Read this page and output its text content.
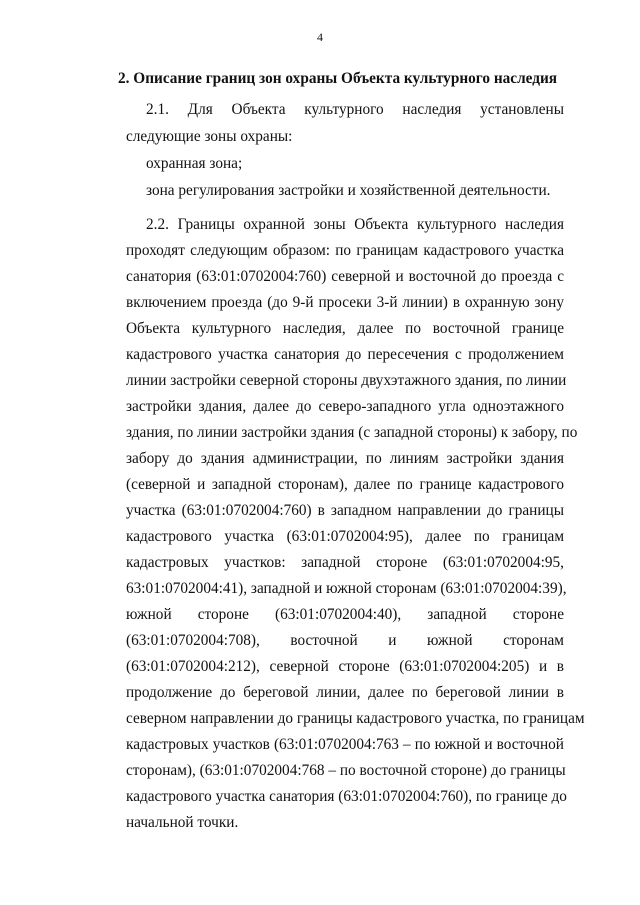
4
2. Описание границ зон охраны Объекта культурного наследия
2.1. Для Объекта культурного наследия установлены
следующие зоны охраны:
охранная зона;
зона регулирования застройки и хозяйственной деятельности.
2.2. Границы охранной зоны Объекта культурного наследия
проходят следующим образом: по границам кадастрового участка
санатория (63:01:0702004:760) северной и восточной до проезда с
включением проезда (до 9-й просеки 3-й линии) в охранную зону
Объекта культурного наследия, далее по восточной границе
кадастрового участка санатория до пересечения с продолжением
линии застройки северной стороны двухэтажного здания, по линии
застройки здания, далее до северо-западного угла одноэтажного
здания, по линии застройки здания (с западной стороны) к забору, по
забору до здания администрации, по линиям застройки здания
(северной и западной сторонам), далее по границе кадастрового
участка (63:01:0702004:760) в западном направлении до границы
кадастрового участка (63:01:0702004:95), далее по границам
кадастровых участков: западной стороне (63:01:0702004:95,
63:01:0702004:41), западной и южной сторонам (63:01:0702004:39),
южной стороне (63:01:0702004:40), западной стороне
(63:01:0702004:708), восточной и южной сторонам
(63:01:0702004:212), северной стороне (63:01:0702004:205) и в
продолжение до береговой линии, далее по береговой линии в
северном направлении до границы кадастрового участка, по границам
кадастровых участков (63:01:0702004:763 – по южной и восточной
сторонам), (63:01:0702004:768 – по восточной стороне) до границы
кадастрового участка санатория (63:01:0702004:760), по границе до
начальной точки.
